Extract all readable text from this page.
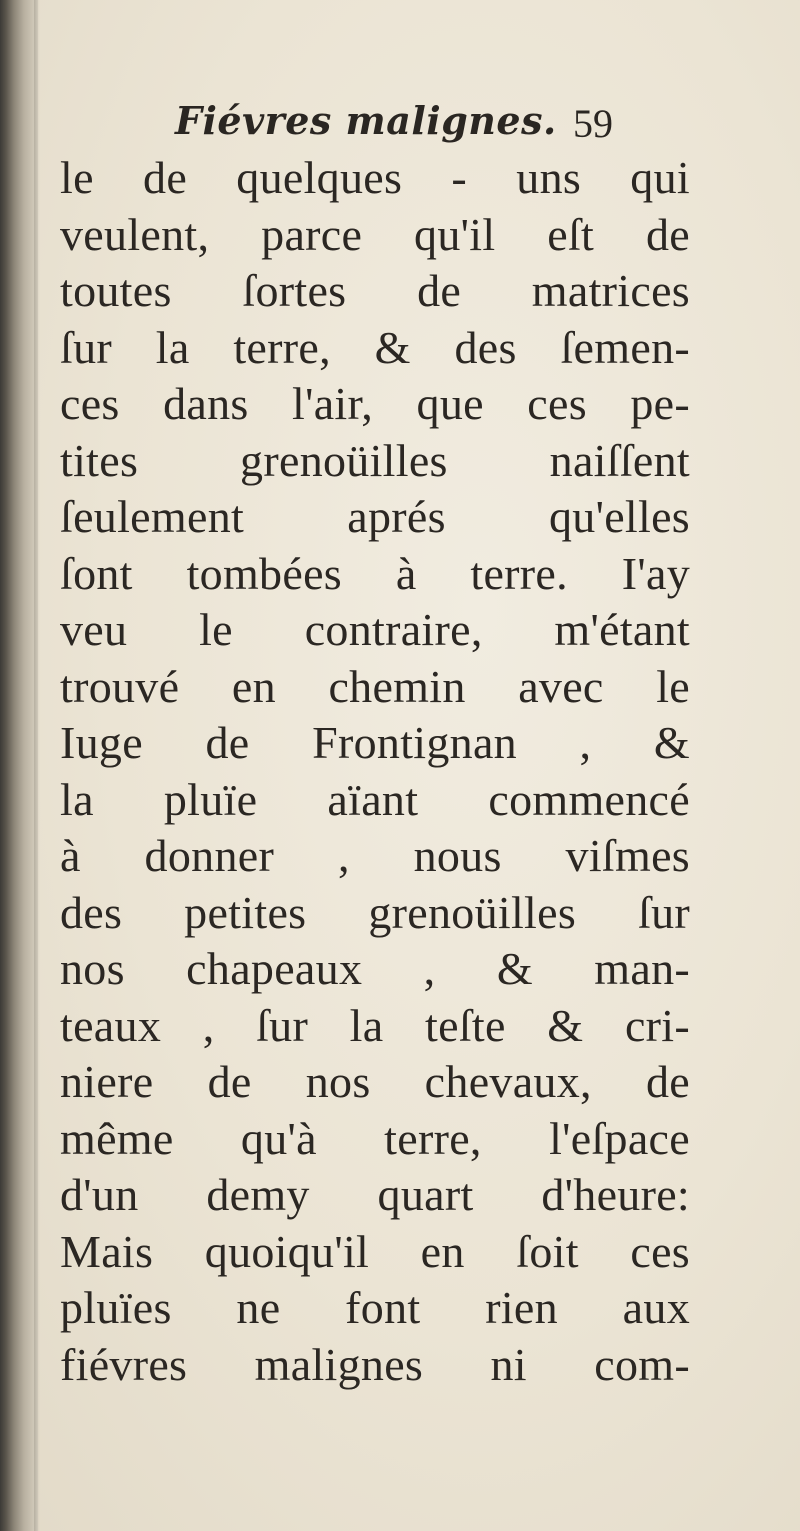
Fiévres malignes. 59
le de quelques - uns qui
veulent, parce qu'il eſt de
toutes ſortes de matrices
ſur la terre, & des ſemen-
ces dans l'air, que ces pe-
tites grenoüilles naiſſent
ſeulement aprés qu'elles
ſont tombées à terre. I'ay
veu le contraire, m'étant
trouvé en chemin avec le
Iuge de Frontignan , &
la pluïe aïant commencé
à donner , nous viſmes
des petites grenoüilles ſur
nos chapeaux , & man-
teaux , ſur la teſte & cri-
niere de nos chevaux, de
même qu'à terre, l'eſpace
d'un demy quart d'heure:
Mais quoiqu'il en ſoit ces
pluïes ne font rien aux
fiévres malignes ni com-
